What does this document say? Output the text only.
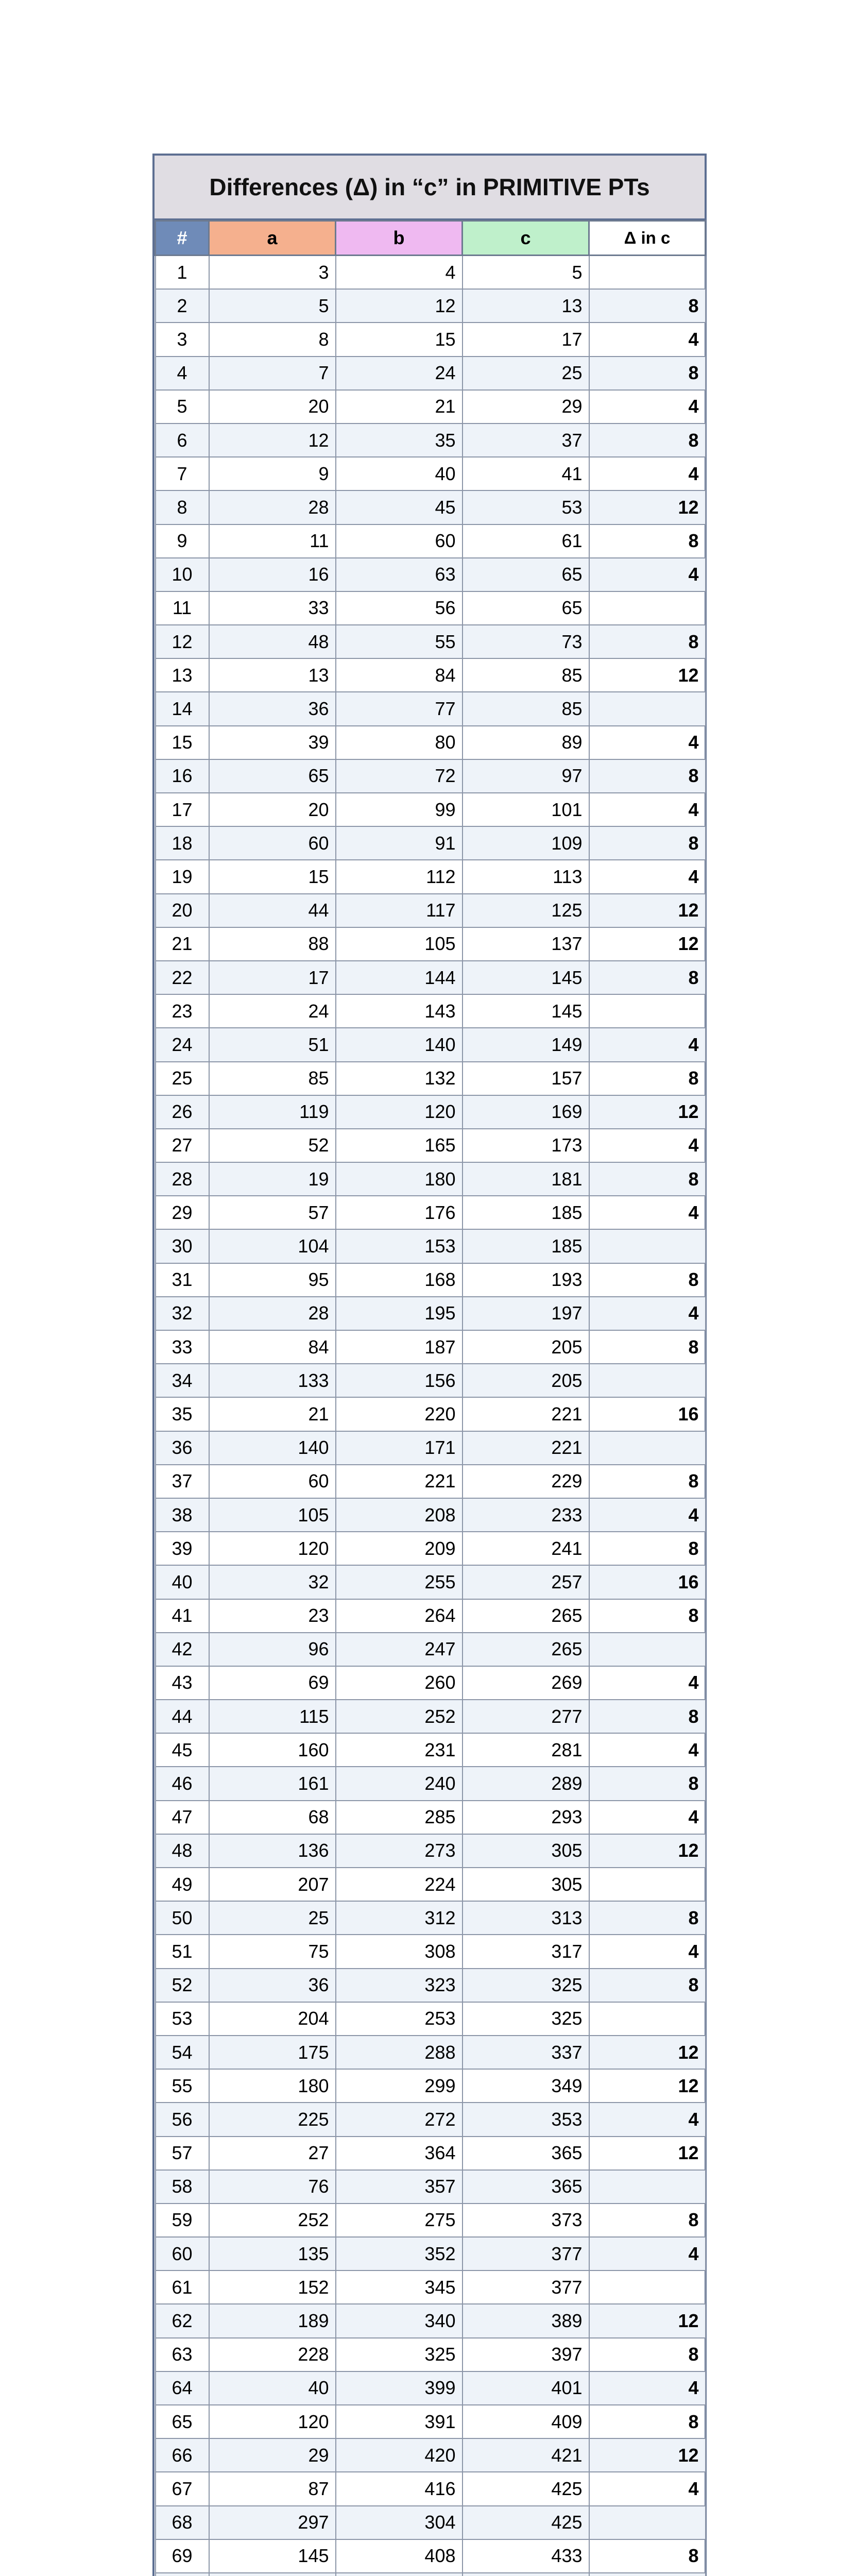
Differences (Δ) in “c” in PRIMITIVE PTs
#	a	b	c	Δ in c
1	3	4	5	
2	5	12	13	8
3	8	15	17	4
4	7	24	25	8
5	20	21	29	4
6	12	35	37	8
7	9	40	41	4
8	28	45	53	12
9	11	60	61	8
10	16	63	65	4
11	33	56	65	
12	48	55	73	8
13	13	84	85	12
14	36	77	85	
15	39	80	89	4
16	65	72	97	8
17	20	99	101	4
18	60	91	109	8
19	15	112	113	4
20	44	117	125	12
21	88	105	137	12
22	17	144	145	8
23	24	143	145	
24	51	140	149	4
25	85	132	157	8
26	119	120	169	12
27	52	165	173	4
28	19	180	181	8
29	57	176	185	4
30	104	153	185	
31	95	168	193	8
32	28	195	197	4
33	84	187	205	8
34	133	156	205	
35	21	220	221	16
36	140	171	221	
37	60	221	229	8
38	105	208	233	4
39	120	209	241	8
40	32	255	257	16
41	23	264	265	8
42	96	247	265	
43	69	260	269	4
44	115	252	277	8
45	160	231	281	4
46	161	240	289	8
47	68	285	293	4
48	136	273	305	12
49	207	224	305	
50	25	312	313	8
51	75	308	317	4
52	36	323	325	8
53	204	253	325	
54	175	288	337	12
55	180	299	349	12
56	225	272	353	4
57	27	364	365	12
58	76	357	365	
59	252	275	373	8
60	135	352	377	4
61	152	345	377	
62	189	340	389	12
63	228	325	397	8
64	40	399	401	4
65	120	391	409	8
66	29	420	421	12
67	87	416	425	4
68	297	304	425	
69	145	408	433	8
